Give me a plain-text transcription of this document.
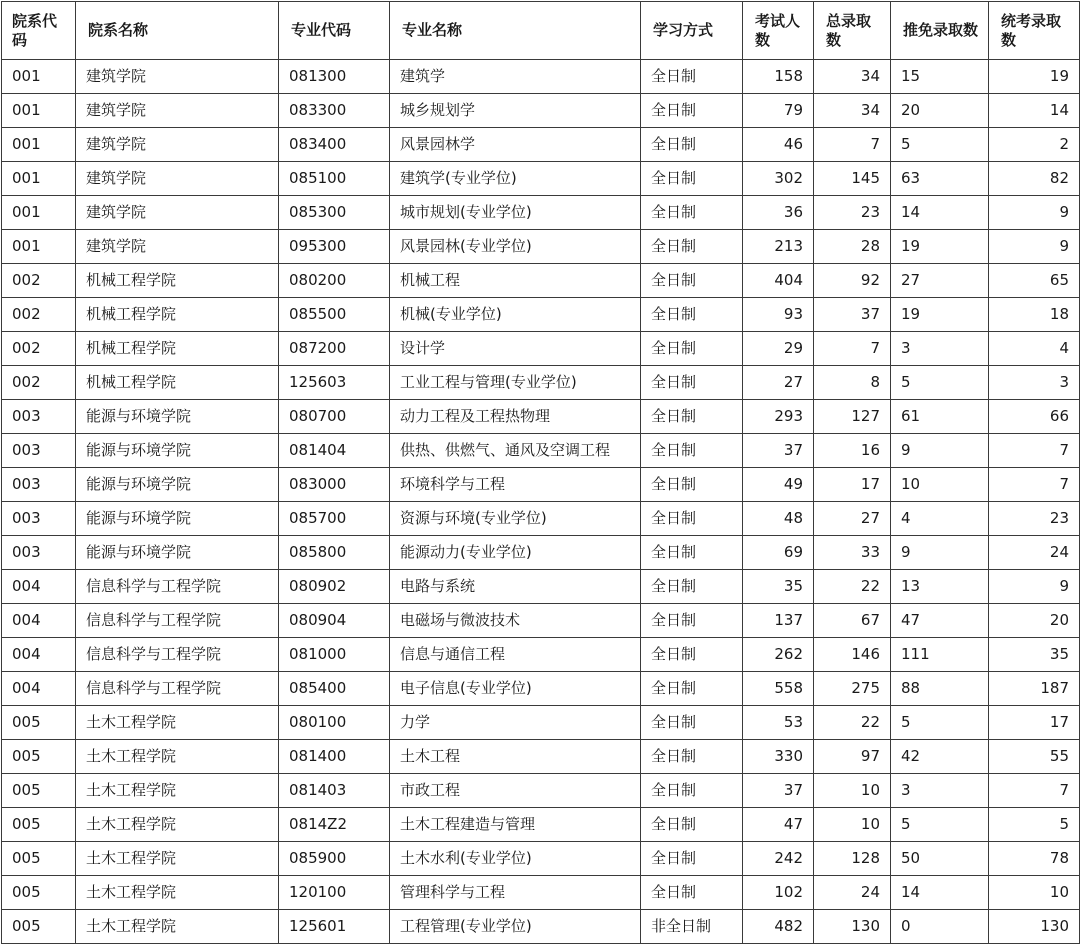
院系代码	院系名称	专业代码	专业名称	学习方式	考试人数	总录取数	推免录取数	统考录取数
001	建筑学院	081300	建筑学	全日制	158	34	15	19
001	建筑学院	083300	城乡规划学	全日制	79	34	20	14
001	建筑学院	083400	风景园林学	全日制	46	7	5	2
001	建筑学院	085100	建筑学(专业学位)	全日制	302	145	63	82
001	建筑学院	085300	城市规划(专业学位)	全日制	36	23	14	9
001	建筑学院	095300	风景园林(专业学位)	全日制	213	28	19	9
002	机械工程学院	080200	机械工程	全日制	404	92	27	65
002	机械工程学院	085500	机械(专业学位)	全日制	93	37	19	18
002	机械工程学院	087200	设计学	全日制	29	7	3	4
002	机械工程学院	125603	工业工程与管理(专业学位)	全日制	27	8	5	3
003	能源与环境学院	080700	动力工程及工程热物理	全日制	293	127	61	66
003	能源与环境学院	081404	供热、供燃气、通风及空调工程	全日制	37	16	9	7
003	能源与环境学院	083000	环境科学与工程	全日制	49	17	10	7
003	能源与环境学院	085700	资源与环境(专业学位)	全日制	48	27	4	23
003	能源与环境学院	085800	能源动力(专业学位)	全日制	69	33	9	24
004	信息科学与工程学院	080902	电路与系统	全日制	35	22	13	9
004	信息科学与工程学院	080904	电磁场与微波技术	全日制	137	67	47	20
004	信息科学与工程学院	081000	信息与通信工程	全日制	262	146	111	35
004	信息科学与工程学院	085400	电子信息(专业学位)	全日制	558	275	88	187
005	土木工程学院	080100	力学	全日制	53	22	5	17
005	土木工程学院	081400	土木工程	全日制	330	97	42	55
005	土木工程学院	081403	市政工程	全日制	37	10	3	7
005	土木工程学院	0814Z2	土木工程建造与管理	全日制	47	10	5	5
005	土木工程学院	085900	土木水利(专业学位)	全日制	242	128	50	78
005	土木工程学院	120100	管理科学与工程	全日制	102	24	14	10
005	土木工程学院	125601	工程管理(专业学位)	非全日制	482	130	0	130
